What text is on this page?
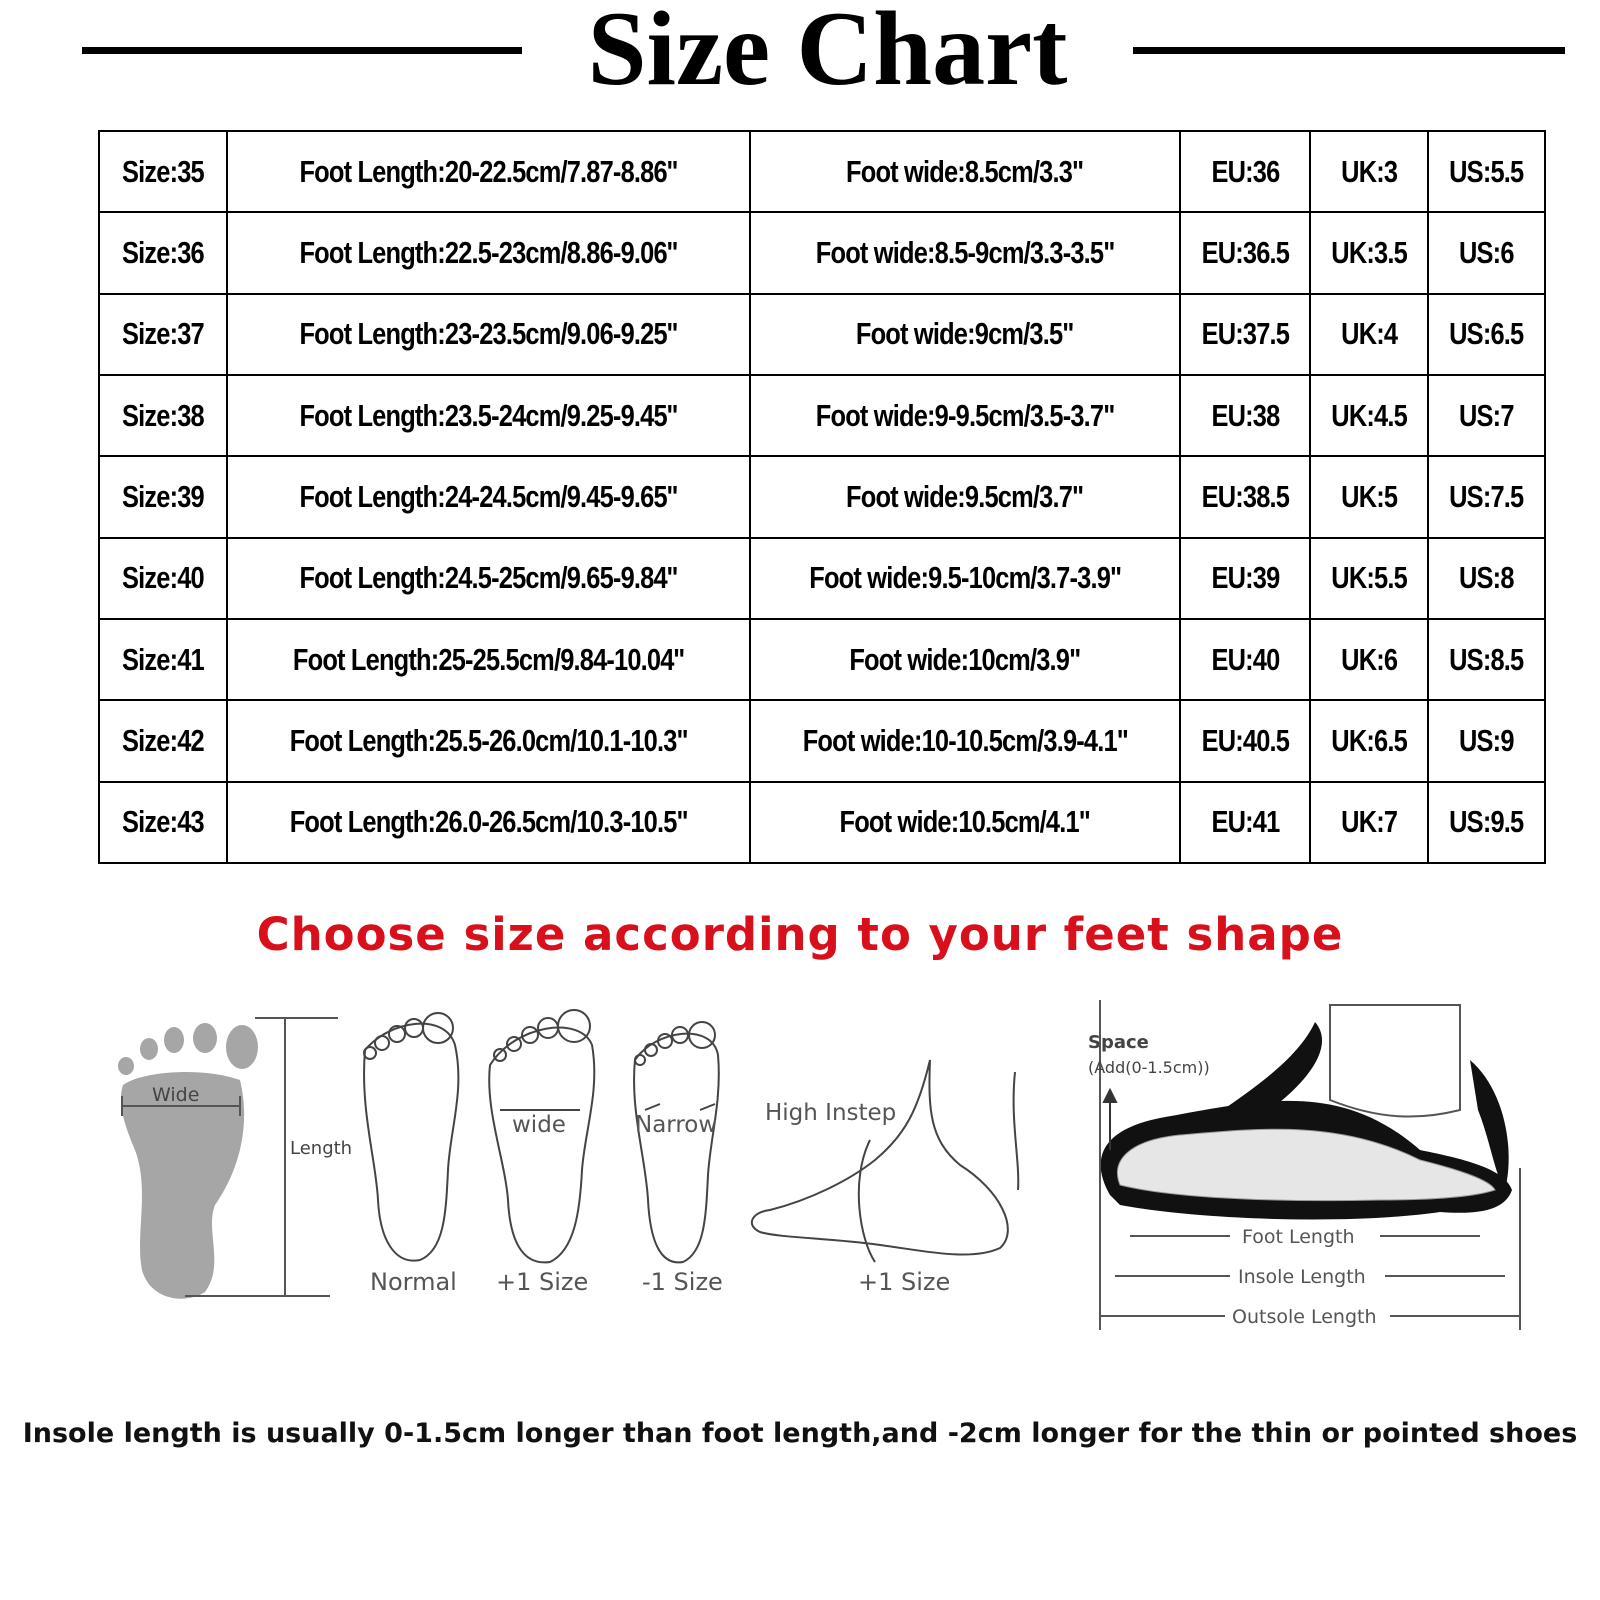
Size Chart
Size:35	Foot Length:20-22.5cm/7.87-8.86''	Foot wide:8.5cm/3.3"	EU:36	UK:3	US:5.5
Size:36	Foot Length:22.5-23cm/8.86-9.06''	Foot wide:8.5-9cm/3.3-3.5"	EU:36.5	UK:3.5	US:6
Size:37	Foot Length:23-23.5cm/9.06-9.25''	Foot wide:9cm/3.5"	EU:37.5	UK:4	US:6.5
Size:38	Foot Length:23.5-24cm/9.25-9.45''	Foot wide:9-9.5cm/3.5-3.7"	EU:38	UK:4.5	US:7
Size:39	Foot Length:24-24.5cm/9.45-9.65''	Foot wide:9.5cm/3.7"	EU:38.5	UK:5	US:7.5
Size:40	Foot Length:24.5-25cm/9.65-9.84''	Foot wide:9.5-10cm/3.7-3.9"	EU:39	UK:5.5	US:8
Size:41	Foot Length:25-25.5cm/9.84-10.04''	Foot wide:10cm/3.9"	EU:40	UK:6	US:8.5
Size:42	Foot Length:25.5-26.0cm/10.1-10.3"	Foot wide:10-10.5cm/3.9-4.1"	EU:40.5	UK:6.5	US:9
Size:43	Foot Length:26.0-26.5cm/10.3-10.5"	Foot wide:10.5cm/4.1"	EU:41	UK:7	US:9.5
Choose size according to your feet shape
Wide
Length
Normal
wide
+1 Size
Narrow
-1 Size
High Instep
+1 Size
Space
(Add(0-1.5cm))
Foot Length
Insole Length
Outsole Length
Insole length is usually 0-1.5cm longer than foot length,and -2cm longer for the thin or pointed shoes
